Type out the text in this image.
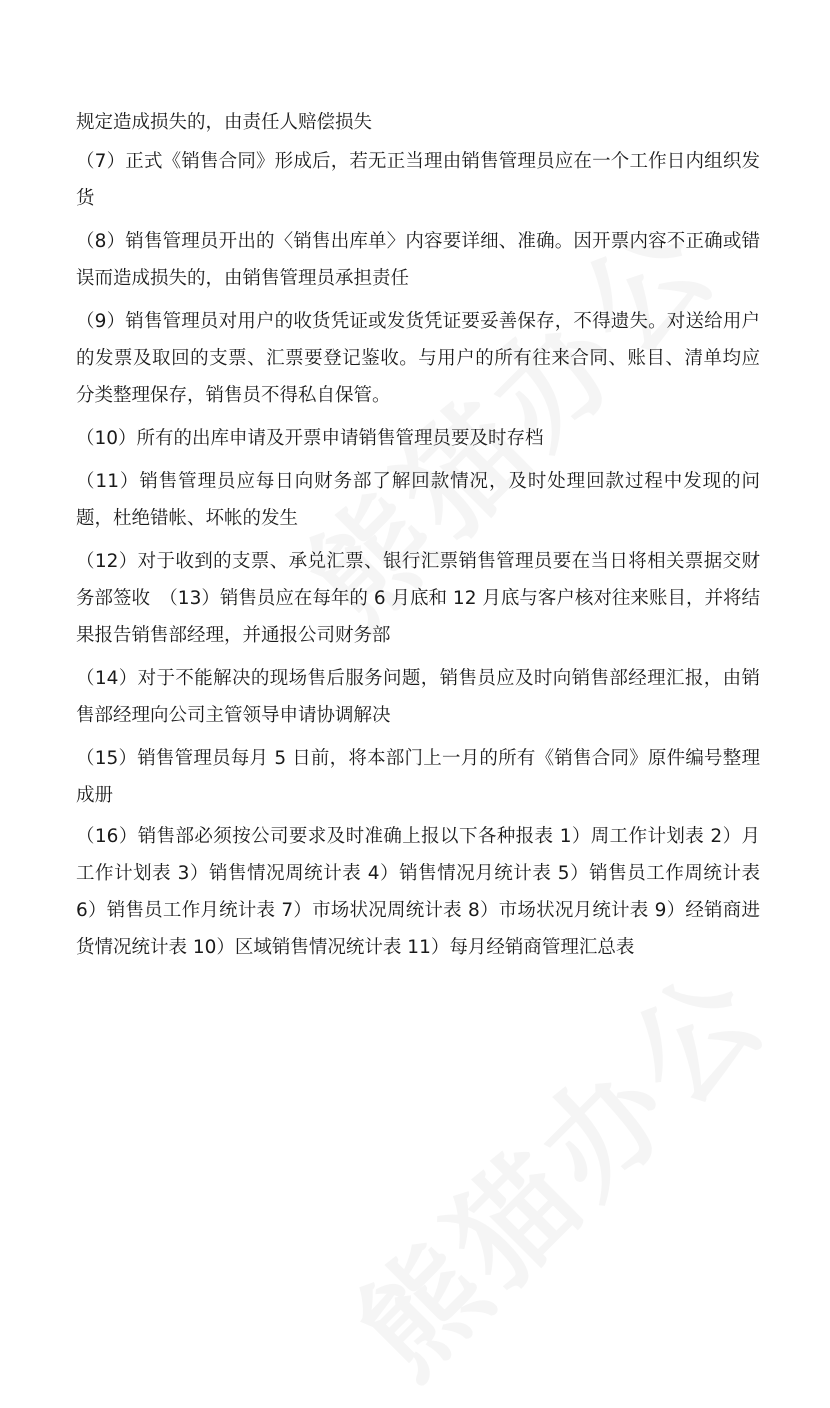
规定造成损失的，由责任人赔偿损失

（7）正式《销售合同》形成后，若无正当理由销售管理员应在一个工作日内组织发货

（8）销售管理员开出的〈销售出库单〉内容要详细、准确。因开票内容不正确或错误而造成损失的，由销售管理员承担责任

（9）销售管理员对用户的收货凭证或发货凭证要妥善保存，不得遗失。对送给用户的发票及取回的支票、汇票要登记鉴收。与用户的所有往来合同、账目、清单均应分类整理保存，销售员不得私自保管。

（10）所有的出库申请及开票申请销售管理员要及时存档

（11）销售管理员应每日向财务部了解回款情况，及时处理回款过程中发现的问题，杜绝错帐、坏帐的发生

（12）对于收到的支票、承兑汇票、银行汇票销售管理员要在当日将相关票据交财务部签收　（13）销售员应在每年的 6 月底和 12 月底与客户核对往来账目，并将结果报告销售部经理，并通报公司财务部

（14）对于不能解决的现场售后服务问题，销售员应及时向销售部经理汇报，由销售部经理向公司主管领导申请协调解决

（15）销售管理员每月 5 日前，将本部门上一月的所有《销售合同》原件编号整理成册

（16）销售部必须按公司要求及时准确上报以下各种报表 1）周工作计划表 2）月工作计划表 3）销售情况周统计表 4）销售情况月统计表 5）销售员工作周统计表 6）销售员工作月统计表 7）市场状况周统计表 8）市场状况月统计表 9）经销商进货情况统计表 10）区域销售情况统计表 11）每月经销商管理汇总表
